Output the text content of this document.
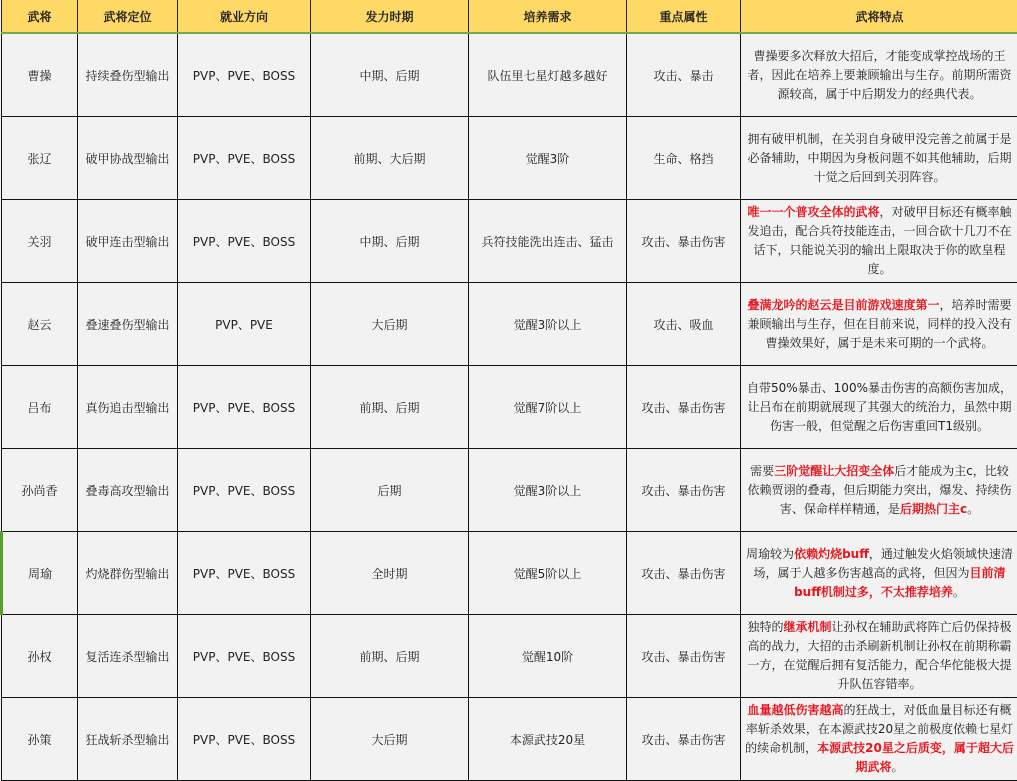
武将	武将定位	就业方向	发力时期	培养需求	重点属性	武将特点
曹操	持续叠伤型输出	PVP、PVE、BOSS	中期、后期	队伍里七星灯越多越好	攻击、暴击	曹操要多次释放大招后，才能变成掌控战场的王者，因此在培养上要兼顾输出与生存。前期所需资源较高，属于中后期发力的经典代表。
张辽	破甲协战型输出	PVP、PVE、BOSS	前期、大后期	觉醒3阶	生命、格挡	拥有破甲机制，在关羽自身破甲没完善之前属于是必备辅助，中期因为身板问题不如其他辅助，后期十觉之后回到关羽阵容。
关羽	破甲连击型输出	PVP、PVE、BOSS	中期、后期	兵符技能洗出连击、猛击	攻击、暴击伤害	唯一一个普攻全体的武将，对破甲目标还有概率触发追击，配合兵符技能连击，一回合砍十几刀不在话下，只能说关羽的输出上限取决于你的欧皇程度。
赵云	叠速叠伤型输出	PVP、PVE	大后期	觉醒3阶以上	攻击、吸血	叠满龙吟的赵云是目前游戏速度第一，培养时需要兼顾输出与生存，但在目前来说，同样的投入没有曹操效果好，属于是未来可期的一个武将。
吕布	真伤追击型输出	PVP、PVE、BOSS	前期、后期	觉醒7阶以上	攻击、暴击伤害	自带50%暴击、100%暴击伤害的高额伤害加成，让吕布在前期就展现了其强大的统治力，虽然中期伤害一般，但觉醒之后伤害重回T1级别。
孙尚香	叠毒高攻型输出	PVP、PVE、BOSS	后期	觉醒3阶以上	攻击、暴击伤害	需要三阶觉醒让大招变全体后才能成为主c，比较依赖贾诩的叠毒，但后期能力突出，爆发、持续伤害、保命样样精通，是后期热门主c。
周瑜	灼烧群伤型输出	PVP、PVE、BOSS	全时期	觉醒5阶以上	攻击、暴击伤害	周瑜较为依赖灼烧buff，通过触发火焰领域快速清场，属于人越多伤害越高的武将，但因为目前清buff机制过多，不太推荐培养。
孙权	复活连杀型输出	PVP、PVE、BOSS	前期、后期	觉醒10阶	攻击、暴击伤害	独特的继承机制让孙权在辅助武将阵亡后仍保持极高的战力，大招的击杀刷新机制让孙权在前期称霸一方，在觉醒后拥有复活能力，配合华佗能极大提升队伍容错率。
孙策	狂战斩杀型输出	PVP、PVE、BOSS	大后期	本源武技20星	攻击、暴击伤害	血量越低伤害越高的狂战士，对低血量目标还有概率斩杀效果，在本源武技20星之前极度依赖七星灯的续命机制，本源武技20星之后质变，属于超大后期武将。
